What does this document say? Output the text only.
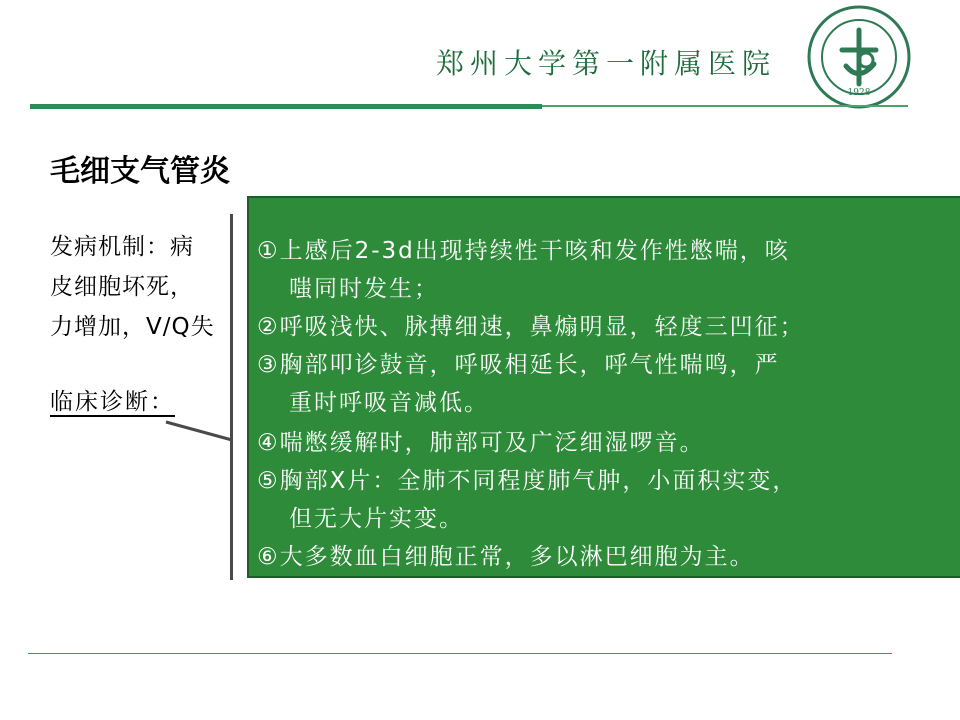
郑州大学第一附属医院
1928
毛细支气管炎
发病机制：病
皮细胞坏死，
力增加，V/Q失
临床诊断：
①上感后2-3d出现持续性干咳和发作性憋喘，咳
嗤同时发生；
②呼吸浅快、脉搏细速，鼻煽明显，轻度三凹征；
③胸部叩诊鼓音，呼吸相延长，呼气性喘鸣，严
重时呼吸音减低。
④喘憋缓解时，肺部可及广泛细湿啰音。
⑤胸部X片：全肺不同程度肺气肿，小面积实变，
但无大片实变。
⑥大多数血白细胞正常，多以淋巴细胞为主。
